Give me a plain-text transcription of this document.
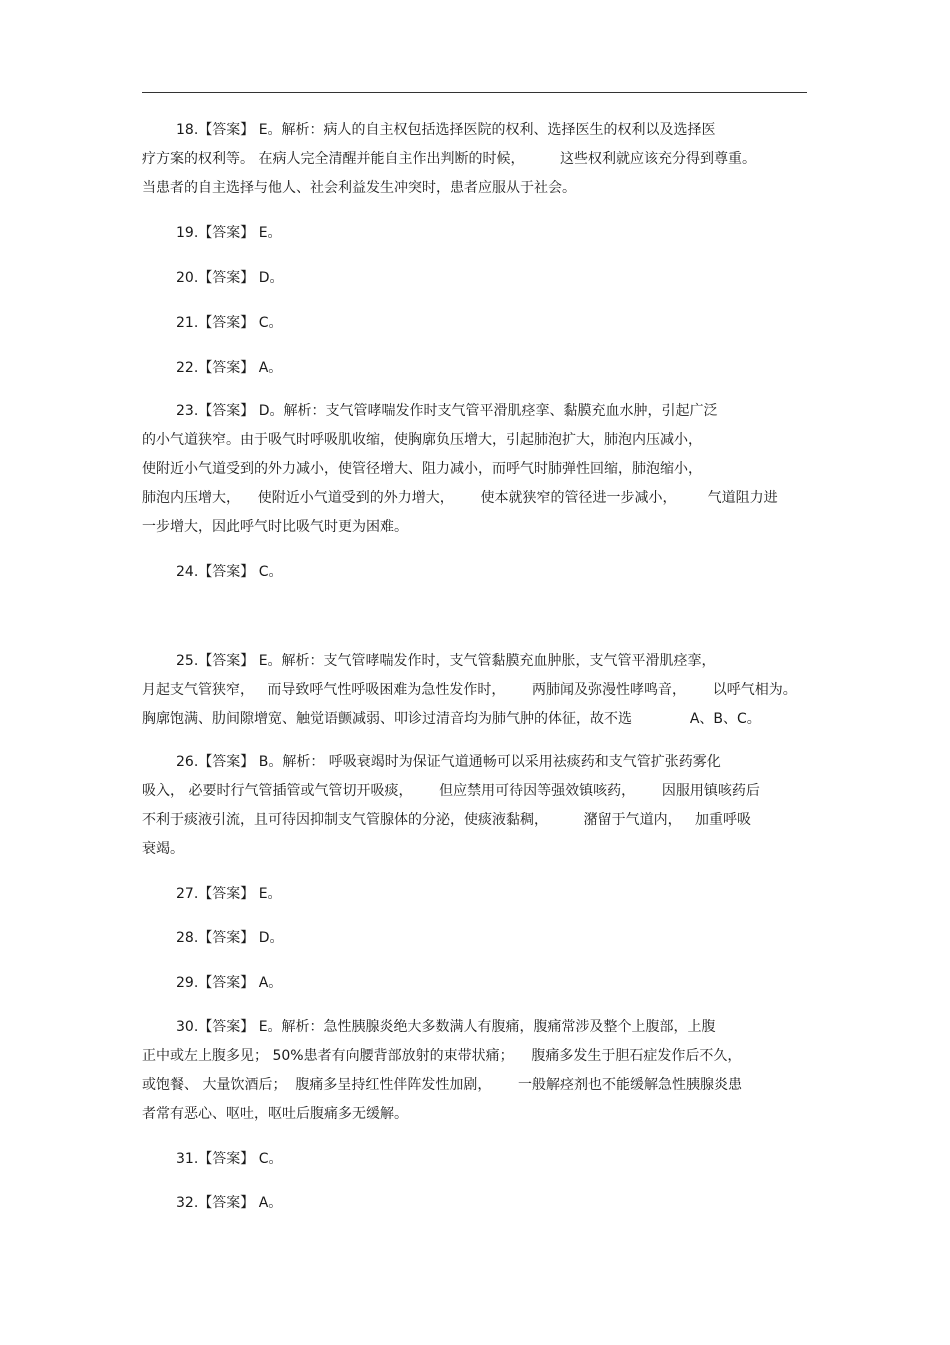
18.【答案】 E。解析：病人的自主权包括选择医院的权利、选择医生的权利以及选择医
疗方案的权利等。 在病人完全清醒并能自主作出判断的时候，        这些权利就应该充分得到尊重。
当患者的自主选择与他人、社会利益发生冲突时，患者应服从于社会。
19.【答案】 E。
20.【答案】 D。
21.【答案】 C。
22.【答案】 A。
23.【答案】 D。解析：支气管哮喘发作时支气管平滑肌痉挛、黏膜充血水肿，引起广泛
的小气道狭窄。由于吸气时呼吸肌收缩，使胸廓负压增大，引起肺泡扩大，肺泡内压减小，
使附近小气道受到的外力减小，使管径增大、阻力减小，而呼气时肺弹性回缩，肺泡缩小，
肺泡内压增大，    使附近小气道受到的外力增大，      使本就狭窄的管径进一步减小，       气道阻力进
一步增大，因此呼气时比吸气时更为困难。
24.【答案】 C。
25.【答案】 E。解析：支气管哮喘发作时，支气管黏膜充血肿胀，支气管平滑肌痉挛，
月起支气管狭窄，   而导致呼气性呼吸困难为急性发作时，      两肺闻及弥漫性哮鸣音，      以呼气相为。
胸廓饱满、肋间隙增宽、触觉语颤减弱、叩诊过清音均为肺气肿的体征，故不选             A、B、C。
26.【答案】 B。解析： 呼吸衰竭时为保证气道通畅可以采用祛痰药和支气管扩张药雾化
吸入， 必要时行气管插管或气管切开吸痰，      但应禁用可待因等强效镇咳药，      因服用镇咳药后
不利于痰液引流，且可待因抑制支气管腺体的分泌，使痰液黏稠，        潴留于气道内，   加重呼吸
衰竭。
27.【答案】 E。
28.【答案】 D。
29.【答案】 A。
30.【答案】 E。解析：急性胰腺炎绝大多数满人有腹痛，腹痛常涉及整个上腹部，上腹
正中或左上腹多见； 50%患者有向腰背部放射的束带状痛；    腹痛多发生于胆石症发作后不久，
或饱餐、 大量饮酒后；  腹痛多呈持红性伴阵发性加剧，      一般解痉剂也不能缓解急性胰腺炎患
者常有恶心、呕吐，呕吐后腹痛多无缓解。
31.【答案】 C。
32.【答案】 A。
